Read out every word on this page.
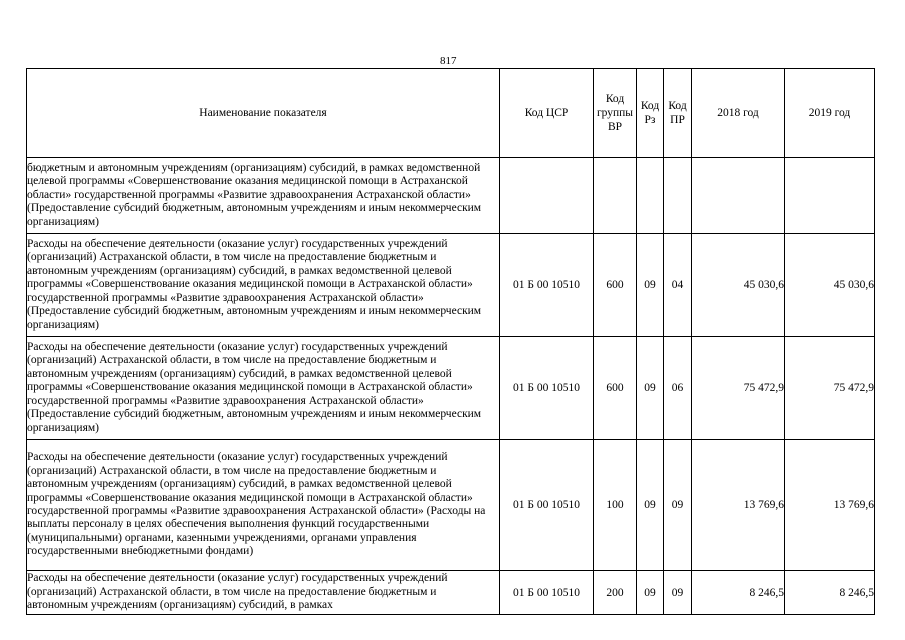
817
Наименование показателя	Код ЦСР	Код группы ВР	Код Рз	Код ПР	2018 год	2019 год
бюджетным и автономным учреждениям (организациям) субсидий, в рамках ведомственной целевой программы «Совершенствование оказания медицинской помощи в Астраханской области» государственной программы «Развитие здравоохранения Астраханской области» (Предоставление субсидий бюджетным, автономным учреждениям и иным некоммерческим организациям)						
Расходы на обеспечение деятельности (оказание услуг) государственных учреждений (организаций) Астраханской области, в том числе на предоставление бюджетным и автономным учреждениям (организациям) субсидий, в рамках ведомственной целевой программы «Совершенствование оказания медицинской помощи в Астраханской области» государственной программы «Развитие здравоохранения Астраханской области» (Предоставление субсидий бюджетным, автономным учреждениям и иным некоммерческим организациям)	01 Б 00 10510	600	09	04	45 030,6	45 030,6
Расходы на обеспечение деятельности (оказание услуг) государственных учреждений (организаций) Астраханской области, в том числе на предоставление бюджетным и автономным учреждениям (организациям) субсидий, в рамках ведомственной целевой программы «Совершенствование оказания медицинской помощи в Астраханской области» государственной программы «Развитие здравоохранения Астраханской области» (Предоставление субсидий бюджетным, автономным учреждениям и иным некоммерческим организациям)	01 Б 00 10510	600	09	06	75 472,9	75 472,9
Расходы на обеспечение деятельности (оказание услуг) государственных учреждений (организаций) Астраханской области, в том числе на предоставление бюджетным и автономным учреждениям (организациям) субсидий, в рамках ведомственной целевой программы «Совершенствование оказания медицинской помощи в Астраханской области» государственной программы «Развитие здравоохранения Астраханской области» (Расходы на выплаты персоналу в целях обеспечения выполнения функций государственными (муниципальными) органами, казенными учреждениями, органами управления государственными внебюджетными фондами)	01 Б 00 10510	100	09	09	13 769,6	13 769,6
Расходы на обеспечение деятельности (оказание услуг) государственных учреждений (организаций) Астраханской области, в том числе на предоставление бюджетным и автономным учреждениям (организациям) субсидий, в рамках	01 Б 00 10510	200	09	09	8 246,5	8 246,5
